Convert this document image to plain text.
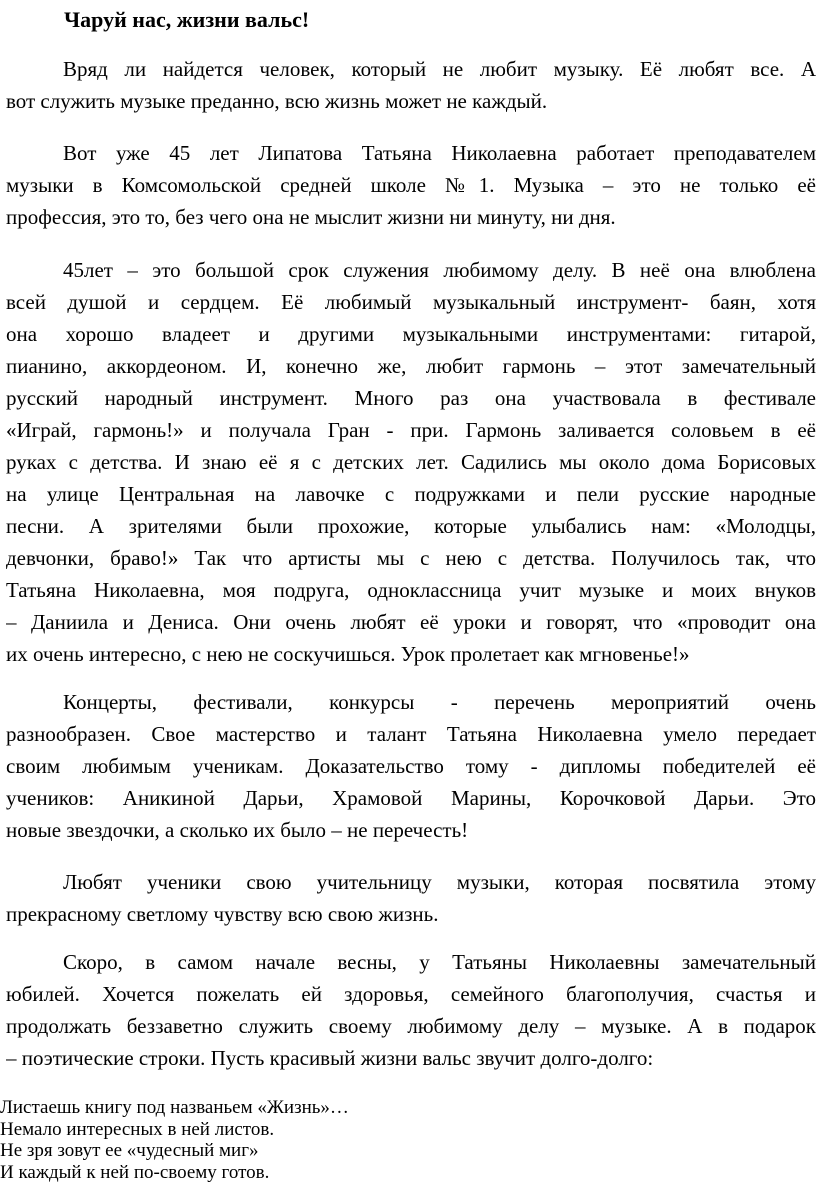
Чаруй нас, жизни вальс!
Вряд ли найдется человек, который не любит музыку. Её любят все. А
вот служить музыке преданно, всю жизнь может не каждый.
Вот уже 45 лет Липатова Татьяна Николаевна работает преподавателем
музыки в Комсомольской средней школе №1. Музыка – это не только её
профессия, это то, без чего она не мыслит жизни ни минуту, ни дня.
45лет – это большой срок служения любимому делу. В неё она влюблена
всей душой и сердцем. Её любимый музыкальный инструмент- баян, хотя
она хорошо владеет и другими музыкальными инструментами: гитарой,
пианино, аккордеоном. И, конечно же, любит гармонь – этот замечательный
русский народный инструмент. Много раз она участвовала в фестивале
«Играй, гармонь!» и получала Гран - при. Гармонь заливается соловьем в её
руках с детства. И знаю её я с детских лет. Садились мы около дома Борисовых
на улице Центральная на лавочке с подружками и пели русские народные
песни. А зрителями были прохожие, которые улыбались нам: «Молодцы,
девчонки, браво!» Так что артисты мы с нею с детства. Получилось так, что
Татьяна Николаевна, моя подруга, одноклассница учит музыке и моих внуков
– Даниила и Дениса. Они очень любят её уроки и говорят, что «проводит она
их очень интересно, с нею не соскучишься. Урок пролетает как мгновенье!»
Концерты, фестивали, конкурсы - перечень мероприятий очень
разнообразен. Свое мастерство и талант Татьяна Николаевна умело передает
своим любимым ученикам. Доказательство тому - дипломы победителей её
учеников: Аникиной Дарьи, Храмовой Марины, Корочковой Дарьи. Это
новые звездочки, а сколько их было – не перечесть!
Любят ученики свою учительницу музыки, которая посвятила этому
прекрасному светлому чувству всю свою жизнь.
Скоро, в самом начале весны, у Татьяны Николаевны замечательный
юбилей. Хочется пожелать ей здоровья, семейного благополучия, счастья и
продолжать беззаветно служить своему любимому делу – музыке. А в подарок
– поэтические строки. Пусть красивый жизни вальс звучит долго-долго:
Листаешь книгу под названьем «Жизнь»…
Немало интересных в ней листов.
Не зря зовут ее «чудесный миг»
И каждый к ней по-своему готов.
